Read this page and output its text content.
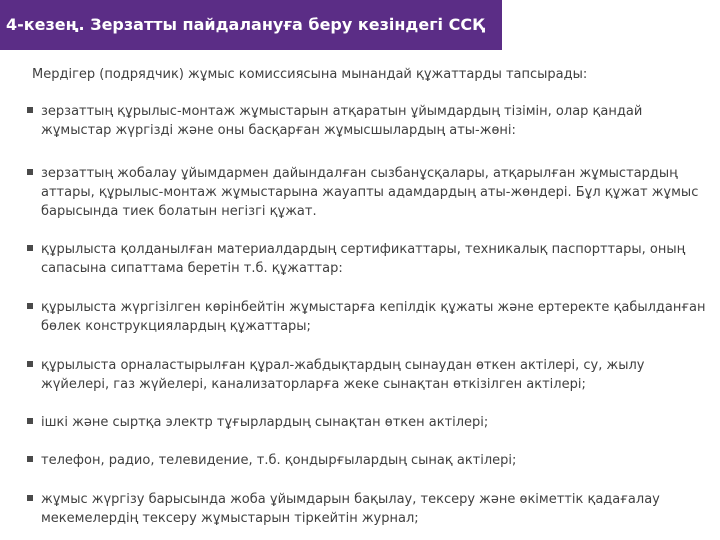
4-кезең. Зерзатты пайдалануға беру кезіндегі ССҚ
Мердігер (подрядчик) жұмыс комиссиясына мынандай құжаттарды тапсырады:
зерзаттың құрылыс-монтаж жұмыстарын атқаратын ұйымдардың тізімін, олар қандай жұмыстар жүргізді және оны басқарған жұмысшылардың аты-жөні:
зерзаттың жобалау ұйымдармен дайындалған сызбанұсқалары, атқарылған жұмыстардың аттары, құрылыс-монтаж жұмыстарына жауапты адамдардың аты-жөндері. Бұл құжат жұмыс барысында тиек болатын негізгі құжат.
құрылыста қолданылған материалдардың сертификаттары, техникалық паспорттары, оның сапасына сипаттама беретін т.б. құжаттар:
құрылыста жүргізілген көрінбейтін жұмыстарға кепілдік құжаты және ертеректе қабылданған бөлек конструкциялардың құжаттары;
құрылыста орналастырылған құрал-жабдықтардың сынаудан өткен актілері, су, жылу жүйелері, газ жүйелері, канализаторларға жеке сынақтан өткізілген актілері;
ішкі және сыртқа электр тұғырлардың сынақтан өткен актілері;
телефон, радио, телевидение, т.б. қондырғылардың сынақ актілері;
жұмыс жүргізу барысында жоба ұйымдарын бақылау, тексеру және өкіметтік қадағалау мекемелердің тексеру жұмыстарын тіркейтін журнал;
